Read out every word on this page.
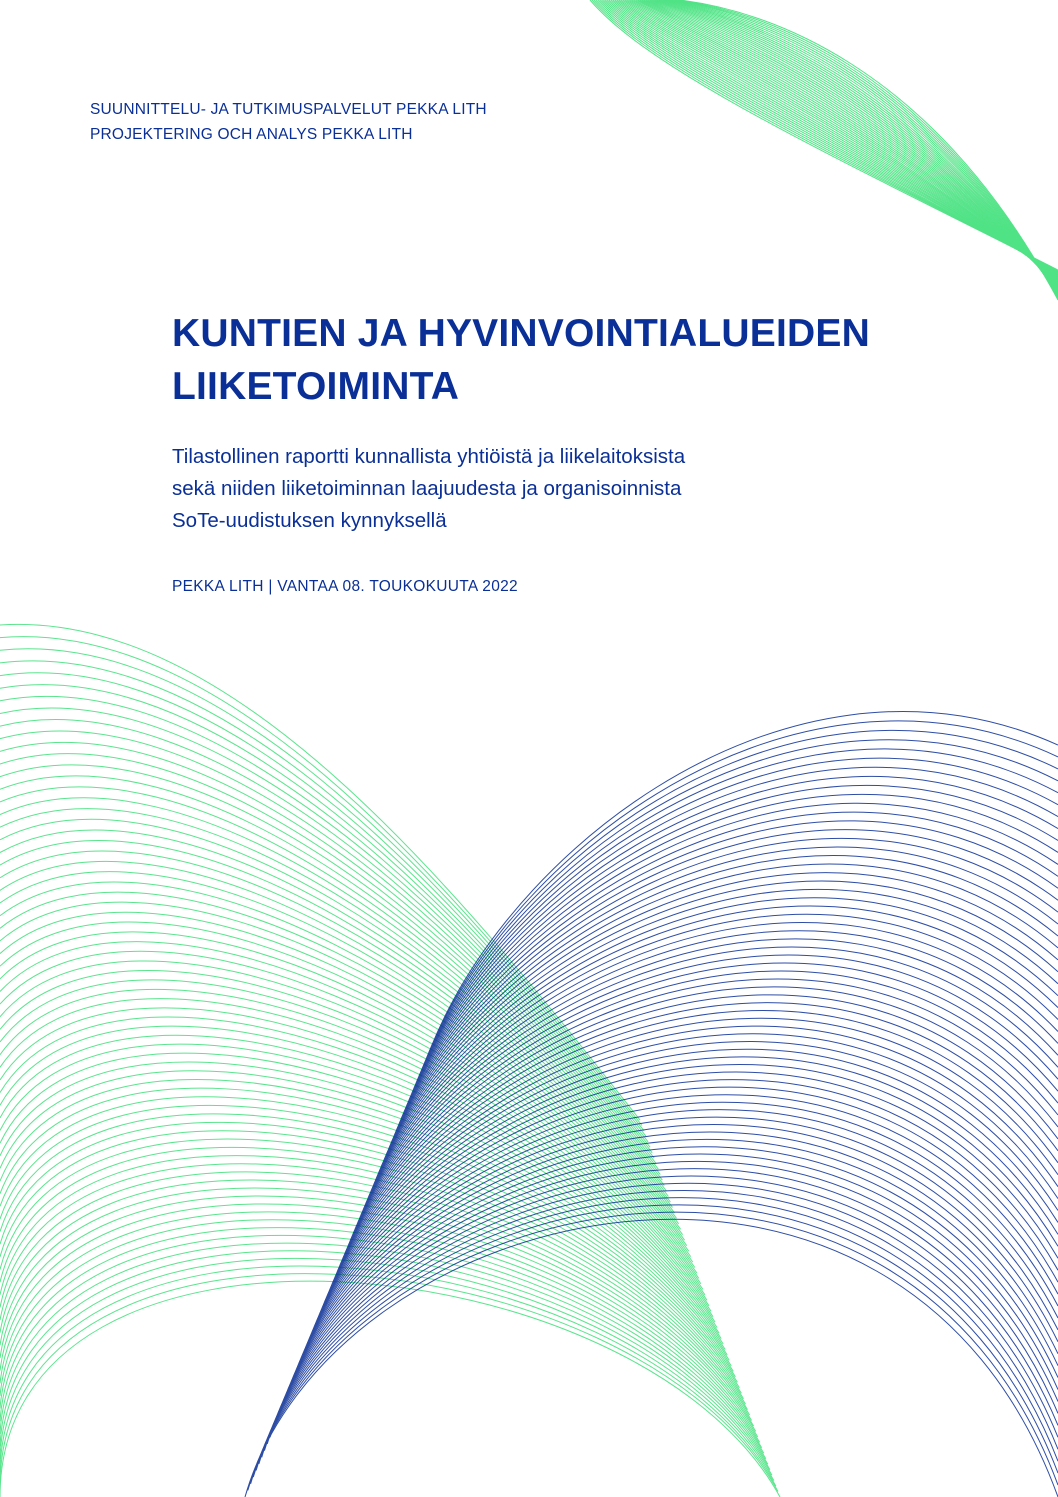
SUUNNITTELU- JA TUTKIMUSPALVELUT PEKKA LITH
PROJEKTERING OCH ANALYS PEKKA LITH
KUNTIEN JA HYVINVOINTIALUEIDEN
LIIKETOIMINTA
Tilastollinen raportti kunnallista yhtiöistä ja liikelaitoksista
sekä niiden liiketoiminnan laajuudesta ja organisoinnista
SoTe-uudistuksen kynnyksellä
PEKKA LITH | VANTAA 08. TOUKOKUUTA 2022
